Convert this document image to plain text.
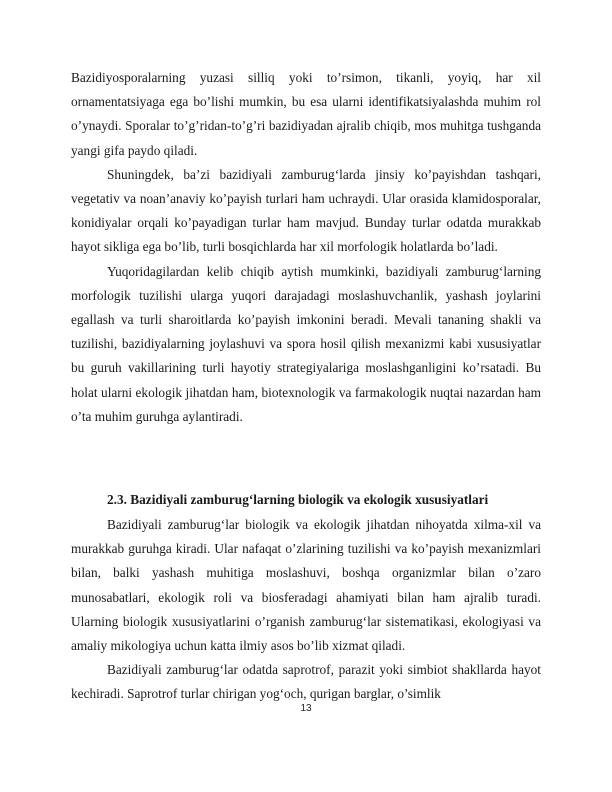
Bazidiyosporalarning yuzasi silliq yoki to’rsimon, tikanli, yoyiq, har xil ornamentatsiyaga ega bo’lishi mumkin, bu esa ularni identifikatsiyalashda muhim rol o’ynaydi. Sporalar to’g’ridan-to’g’ri bazidiyadan ajralib chiqib, mos muhitga tushganda yangi gifa paydo qiladi.

Shuningdek, ba’zi bazidiyali zamburug‘larda jinsiy ko’payishdan tashqari, vegetativ va noan’anaviy ko’payish turlari ham uchraydi. Ular orasida klamidosporalar, konidiyalar orqali ko’payadigan turlar ham mavjud. Bunday turlar odatda murakkab hayot sikliga ega bo’lib, turli bosqichlarda har xil morfologik holatlarda bo’ladi.

Yuqoridagilardan kelib chiqib aytish mumkinki, bazidiyali zamburug‘larning morfologik tuzilishi ularga yuqori darajadagi moslashuvchanlik, yashash joylarini egallash va turli sharoitlarda ko’payish imkonini beradi. Mevali tananing shakli va tuzilishi, bazidiyalarning joylashuvi va spora hosil qilish mexanizmi kabi xususiyatlar bu guruh vakillarining turli hayotiy strategiyalariga moslashganligini ko’rsatadi. Bu holat ularni ekologik jihatdan ham, biotexnologik va farmakologik nuqtai nazardan ham o’ta muhim guruhga aylantiradi.

2.3. Bazidiyali zamburug‘larning biologik va ekologik xususiyatlari

Bazidiyali zamburug‘lar biologik va ekologik jihatdan nihoyatda xilma-xil va murakkab guruhga kiradi. Ular nafaqat o’zlarining tuzilishi va ko’payish mexanizmlari bilan, balki yashash muhitiga moslashuvi, boshqa organizmlar bilan o’zaro munosabatlari, ekologik roli va biosferadagi ahamiyati bilan ham ajralib turadi. Ularning biologik xususiyatlarini o’rganish zamburug‘lar sistematikasi, ekologiyasi va amaliy mikologiya uchun katta ilmiy asos bo’lib xizmat qiladi.

Bazidiyali zamburug‘lar odatda saprotrof, parazit yoki simbiot shakllarda hayot kechiradi. Saprotrof turlar chirigan yog‘och, qurigan barglar, o’simlik

13
